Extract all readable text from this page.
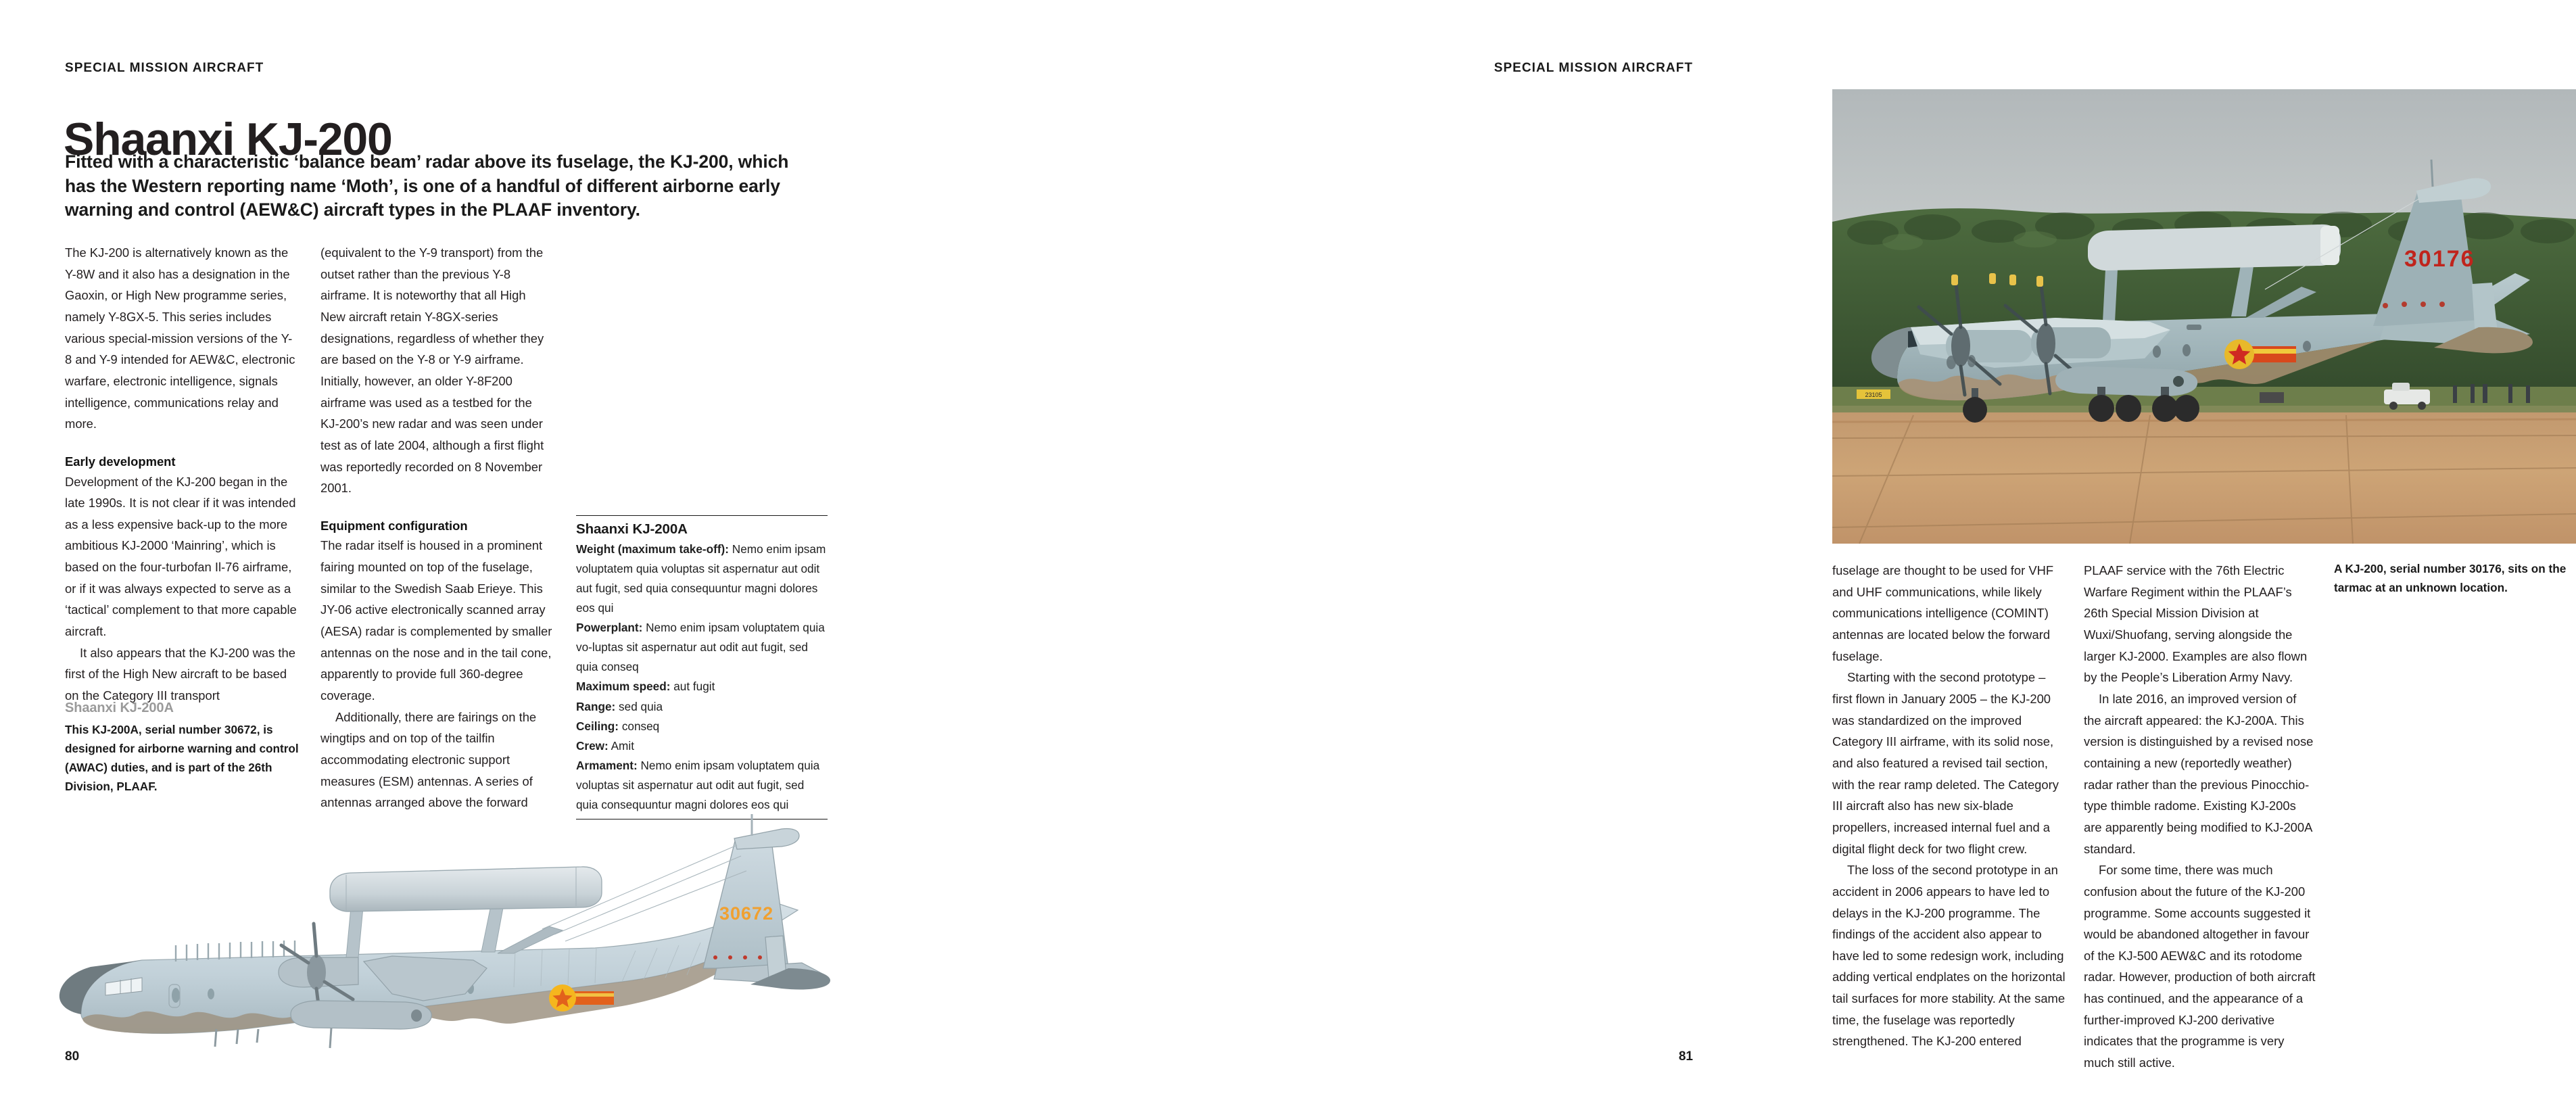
SPECIAL MISSION AIRCRAFT
Shaanxi KJ-200
Fitted with a characteristic ‘balance beam’ radar above its fuselage, the KJ-200, which has the Western reporting name ‘Moth’, is one of a handful of different airborne early warning and control (AEW&C) aircraft types in the PLAAF inventory.

The KJ-200 is alternatively known as the Y-8W and it also has a designation in the Gaoxin, or High New programme series, namely Y-8GX-5. This series includes various special-mission versions of the Y-8 and Y-9 intended for AEW&C, electronic warfare, electronic intelligence, signals intelligence, communications relay and more.

Early development

Development of the KJ-200 began in the late 1990s. It is not clear if it was intended as a less expensive back-up to the more ambitious KJ-2000 ‘Mainring’, which is based on the four-turbofan Il-76 airframe, or if it was always expected to serve as a ‘tactical’ complement to that more capable aircraft.

It also appears that the KJ-200 was the first of the High New aircraft to be based on the Category III transport

(equivalent to the Y-9 transport) from the outset rather than the previous Y-8 airframe. It is noteworthy that all High New aircraft retain Y-8GX-series designations, regardless of whether they are based on the Y-8 or Y-9 airframe. Initially, however, an older Y-8F200 airframe was used as a testbed for the KJ-200’s new radar and was seen under test as of late 2004, although a first flight was reportedly recorded on 8 November 2001.

Equipment configuration

The radar itself is housed in a prominent fairing mounted on top of the fuselage, similar to the Swedish Saab Erieye. This JY-06 active electronically scanned array (AESA) radar is complemented by smaller antennas on the nose and in the tail cone, apparently to provide full 360-degree coverage.

Additionally, there are fairings on the wingtips and on top of the tailfin accommodating electronic support measures (ESM) antennas. A series of antennas arranged above the forward

Shaanxi KJ-200A
This KJ-200A, serial number 30672, is designed for airborne warning and control (AWAC) duties, and is part of the 26th Division, PLAAF.
Shaanxi KJ-200A
Weight (maximum take-off): Nemo enim ipsam voluptatem quia voluptas sit aspernatur aut odit aut fugit, sed quia consequuntur magni dolores eos qui
Powerplant: Nemo enim ipsam voluptatem quia vo-luptas sit aspernatur aut odit aut fugit, sed quia conseq
Maximum speed: aut fugit
Range: sed quia
Ceiling: conseq
Crew: Amit
Armament: Nemo enim ipsam voluptatem quia voluptas sit aspernatur aut odit aut fugit, sed quia consequuntur magni dolores eos qui
30672
80
SPECIAL MISSION AIRCRAFT
23105
30176
A KJ-200, serial number 30176, sits on the tarmac at an unknown location.

fuselage are thought to be used for VHF and UHF communications, while likely communications intelligence (COMINT) antennas are located below the forward fuselage.

Starting with the second prototype – first flown in January 2005 – the KJ-200 was standardized on the improved Category III airframe, with its solid nose, and also featured a revised tail section, with the rear ramp deleted. The Category III aircraft also has new six-blade propellers, increased internal fuel and a digital flight deck for two flight crew.

The loss of the second prototype in an accident in 2006 appears to have led to delays in the KJ-200 programme. The findings of the accident also appear to have led to some redesign work, including adding vertical endplates on the horizontal tail surfaces for more stability. At the same time, the fuselage was reportedly strengthened. The KJ-200 entered

PLAAF service with the 76th Electric Warfare Regiment within the PLAAF’s 26th Special Mission Division at Wuxi/Shuofang, serving alongside the larger KJ-2000. Examples are also flown by the People’s Liberation Army Navy.

In late 2016, an improved version of the aircraft appeared: the KJ-200A. This version is distinguished by a revised nose containing a new (reportedly weather) radar rather than the previous Pinocchio-type thimble radome. Existing KJ-200s are apparently being modified to KJ-200A standard.

For some time, there was much confusion about the future of the KJ-200 programme. Some accounts suggested it would be abandoned altogether in favour of the KJ-500 AEW&C and its rotodome radar. However, production of both aircraft has continued, and the appearance of a further-improved KJ-200 derivative indicates that the programme is very much still active.

81
